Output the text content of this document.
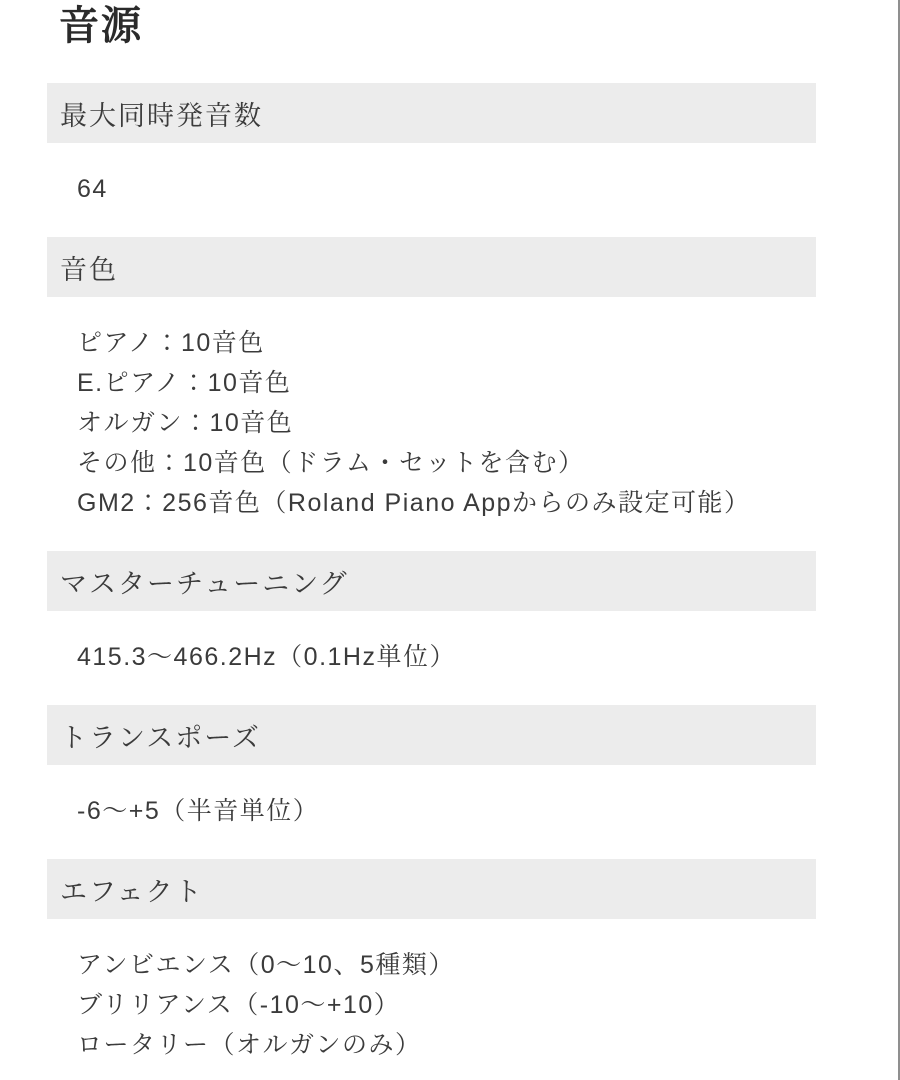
音源
最大同時発音数
64
音色
ピアノ：10音色
E.ピアノ：10音色
オルガン：10音色
その他：10音色（ドラム・セットを含む）
GM2：256音色（Roland Piano Appからのみ設定可能）
マスターチューニング
415.3〜466.2Hz（0.1Hz単位）
トランスポーズ
-6〜+5（半音単位）
エフェクト
アンビエンス（0〜10、5種類）
ブリリアンス（-10〜+10）
ロータリー（オルガンのみ）
